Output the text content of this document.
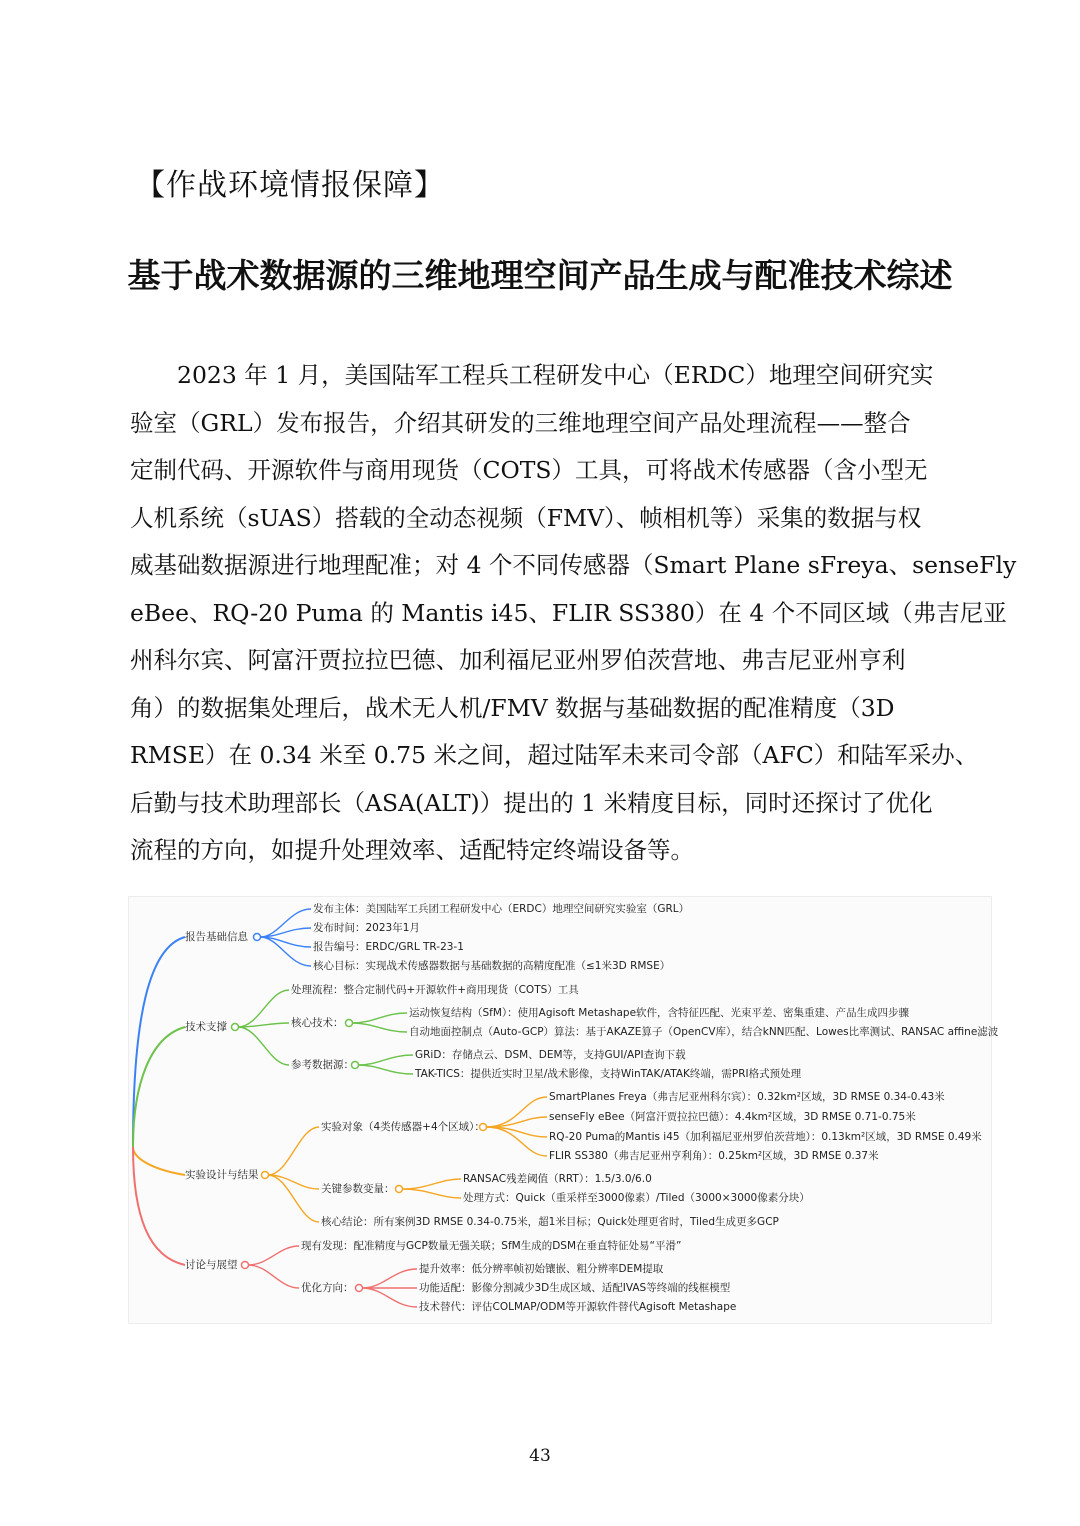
【作战环境情报保障】
基于战术数据源的三维地理空间产品生成与配准技术综述
　　2023 年 1 月，美国陆军工程兵工程研发中心（ERDC）地理空间研究实
验室（GRL）发布报告，介绍其研发的三维地理空间产品处理流程——整合
定制代码、开源软件与商用现货（COTS）工具，可将战术传感器（含小型无
人机系统（sUAS）搭载的全动态视频（FMV）、帧相机等）采集的数据与权
威基础数据源进行地理配准；对 4 个不同传感器（Smart Plane sFreya、senseFly
eBee、RQ-20 Puma 的 Mantis i45、FLIR SS380）在 4 个不同区域（弗吉尼亚
州科尔宾、阿富汗贾拉拉巴德、加利福尼亚州罗伯茨营地、弗吉尼亚州亨利
角）的数据集处理后，战术无人机/FMV 数据与基础数据的配准精度（3D
RMSE）在 0.34 米至 0.75 米之间，超过陆军未来司令部（AFC）和陆军采办、
后勤与技术助理部长（ASA(ALT)）提出的 1 米精度目标，同时还探讨了优化
流程的方向，如提升处理效率、适配特定终端设备等。
报告基础信息
发布主体：美国陆军工兵团工程研发中心（ERDC）地理空间研究实验室（GRL）
发布时间：2023年1月
报告编号：ERDC/GRL TR-23-1
核心目标：实现战术传感器数据与基础数据的高精度配准（≤1米3D RMSE）
技术支撑
处理流程：整合定制代码+开源软件+商用现货（COTS）工具
核心技术：
运动恢复结构（SfM）：使用Agisoft Metashape软件，含特征匹配、光束平差、密集重建、产品生成四步骤
自动地面控制点（Auto-GCP）算法：基于AKAZE算子（OpenCV库），结合kNN匹配、Lowes比率测试、RANSAC affine滤波
参考数据源：
GRiD：存储点云、DSM、DEM等，支持GUI/API查询下载
TAK-TICS：提供近实时卫星/战术影像，支持WinTAK/ATAK终端，需PRI格式预处理
实验设计与结果
实验对象（4类传感器+4个区域）：
SmartPlanes Freya（弗吉尼亚州科尔宾）：0.32km²区域，3D RMSE 0.34-0.43米
senseFly eBee（阿富汗贾拉拉巴德）：4.4km²区域，3D RMSE 0.71-0.75米
RQ-20 Puma的Mantis i45（加利福尼亚州罗伯茨营地）：0.13km²区域，3D RMSE 0.49米
FLIR SS380（弗吉尼亚州亨利角）：0.25km²区域，3D RMSE 0.37米
关键参数变量：
RANSAC残差阈值（RRT）：1.5/3.0/6.0
处理方式：Quick（重采样至3000像素）/Tiled（3000×3000像素分块）
核心结论：所有案例3D RMSE 0.34-0.75米，超1米目标；Quick处理更省时，Tiled生成更多GCP
讨论与展望
现有发现：配准精度与GCP数量无强关联；SfM生成的DSM在垂直特征处易“平滑”
优化方向：
提升效率：低分辨率帧初始镶嵌、粗分辨率DEM提取
功能适配：影像分割减少3D生成区域、适配IVAS等终端的线框模型
技术替代：评估COLMAP/ODM等开源软件替代Agisoft Metashape
43
